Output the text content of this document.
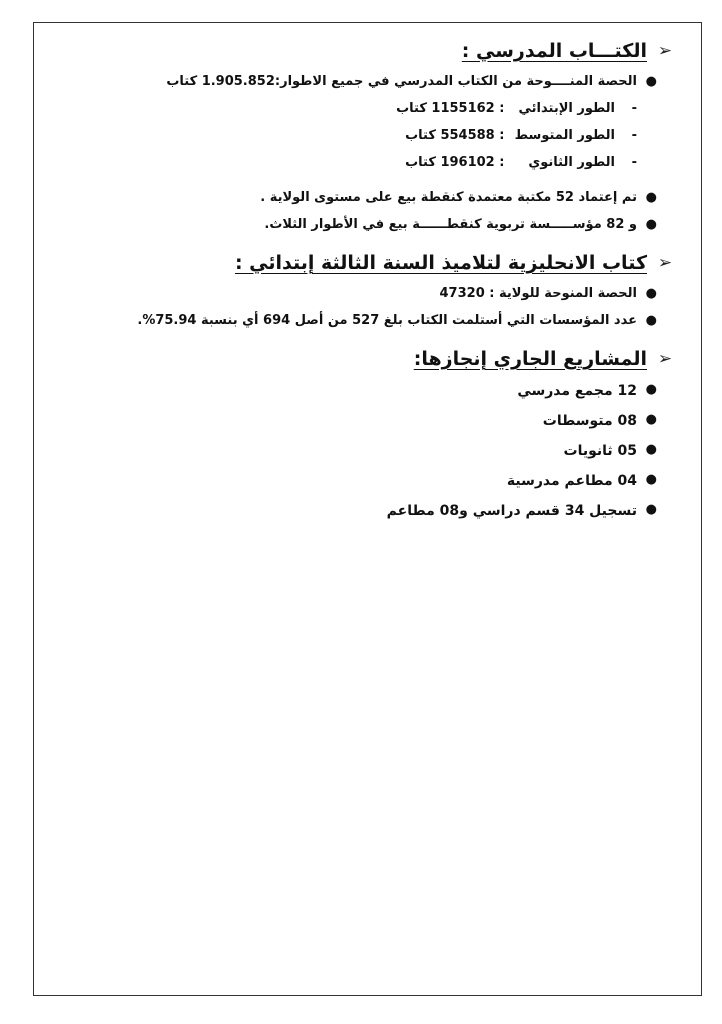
➢
الكتـــاب المدرسي :
●
الحصة المنــــوحة من الكتاب المدرسي في جميع الاطوار:1.905.852 كتاب
-
الطور الإبتدائي : 1155162 كتاب
-
الطور المتوسط : 554588 كتاب
-
الطور الثانوي : 196102 كتاب
●
تم إعتماد 52 مكتبة معتمدة كنقطة بيع على مستوى الولاية .
●
و 82 مؤســـــسة تربوية كنقطــــــة بيع في الأطوار الثلاث.
➢
كتاب الانحليزية لتلاميذ السنة الثالثة إبتدائي :
●
الحصة المنوحة للولاية : 47320
●
عدد المؤسسات التي أستلمت الكتاب بلغ 527 من أصل 694 أي بنسبة 75.94%.
➢
المشاريع الجاري إنجازها:
●
12 مجمع مدرسي
●
08 متوسطات
●
05 ثانويات
●
04 مطاعم مدرسية
●
تسجيل 34 قسم دراسي و08 مطاعم
